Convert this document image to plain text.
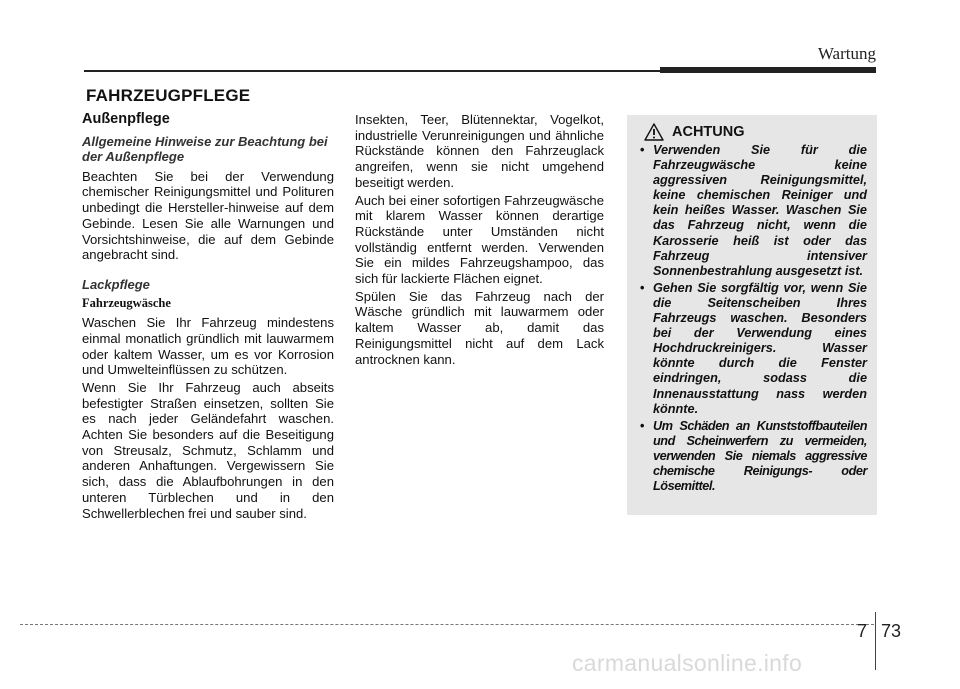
Wartung
FAHRZEUGPFLEGE
Außenpflege
Allgemeine Hinweise zur Beachtung bei der Außenpflege

Beachten Sie bei der Verwendung chemischer Reinigungsmittel und Polituren unbedingt die Hersteller-hinweise auf dem Gebinde. Lesen Sie alle Warnungen und Vorsichtshinweise, die auf dem Gebinde angebracht sind.

Lackpflege
Fahrzeugwäsche

Waschen Sie Ihr Fahrzeug mindestens einmal monatlich gründlich mit lauwarmem oder kaltem Wasser, um es vor Korrosion und Umwelteinflüssen zu schützen.

Wenn Sie Ihr Fahrzeug auch abseits befestigter Straßen einsetzen, sollten Sie es nach jeder Geländefahrt waschen. Achten Sie besonders auf die Beseitigung von Streusalz, Schmutz, Schlamm und anderen Anhaftungen. Vergewissern Sie sich, dass die Ablaufbohrungen in den unteren Türblechen und in den Schwellerblechen frei und sauber sind.

Insekten, Teer, Blütennektar, Vogelkot, industrielle Verunreinigungen und ähnliche Rückstände können den Fahrzeuglack angreifen, wenn sie nicht umgehend beseitigt werden.

Auch bei einer sofortigen Fahrzeugwäsche mit klarem Wasser können derartige Rückstände unter Umständen nicht vollständig entfernt werden. Verwenden Sie ein mildes Fahrzeugshampoo, das sich für lackierte Flächen eignet.

Spülen Sie das Fahrzeug nach der Wäsche gründlich mit lauwarmem oder kaltem Wasser ab, damit das Reinigungsmittel nicht auf dem Lack antrocknen kann.

ACHTUNG
• Verwenden Sie für die Fahrzeugwäsche keine aggressiven Reinigungsmittel, keine chemischen Reiniger und kein heißes Wasser. Waschen Sie das Fahrzeug nicht, wenn die Karosserie heiß ist oder das Fahrzeug intensiver Sonnenbestrahlung ausgesetzt ist.
• Gehen Sie sorgfältig vor, wenn Sie die Seitenscheiben Ihres Fahrzeugs waschen. Besonders bei der Verwendung eines Hochdruckreinigers. Wasser könnte durch die Fenster eindringen, sodass die Innenausstattung nass werden könnte.
• Um Schäden an Kunststoffbauteilen und Scheinwerfern zu vermeiden, verwenden Sie niemals aggressive chemische Reinigungs- oder Lösemittel.
7 73
carmanualsonline.info
